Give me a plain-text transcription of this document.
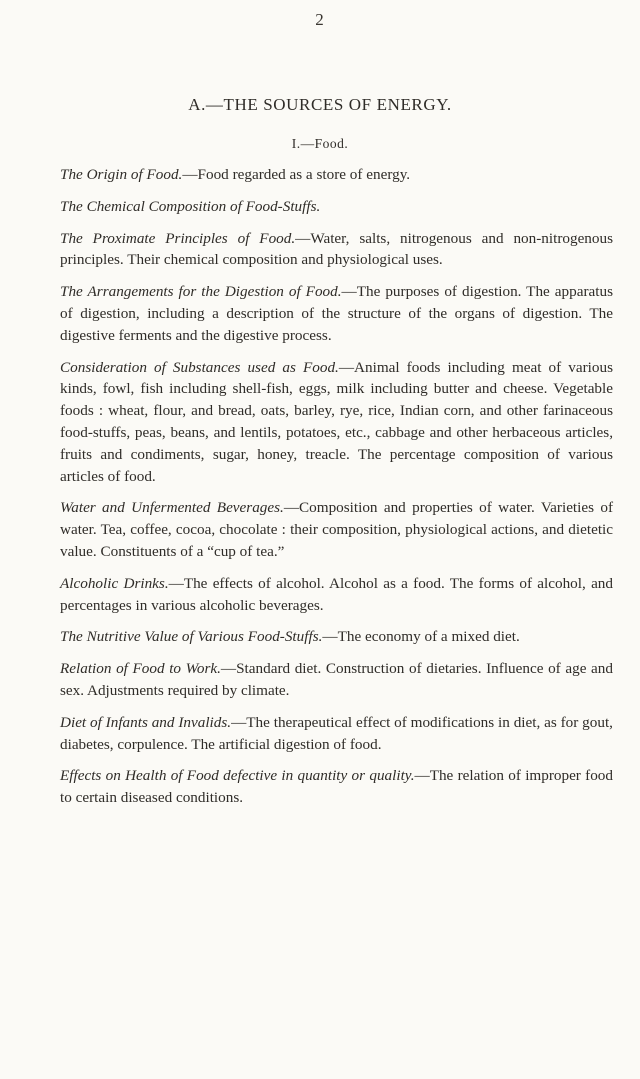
2
A.—THE SOURCES OF ENERGY.
I.—Food.

The Origin of Food.—Food regarded as a store of energy.

The Chemical Composition of Food-Stuffs.

The Proximate Principles of Food.—Water, salts, nitrogenous and non-nitrogenous principles. Their chemical composition and physiological uses.

The Arrangements for the Digestion of Food.—The purposes of digestion. The apparatus of digestion, including a description of the structure of the organs of digestion. The digestive ferments and the digestive process.

Consideration of Substances used as Food.—Animal foods including meat of various kinds, fowl, fish including shell-fish, eggs, milk including butter and cheese. Vegetable foods : wheat, flour, and bread, oats, barley, rye, rice, Indian corn, and other farinaceous food-stuffs, peas, beans, and lentils, potatoes, etc., cabbage and other herbaceous articles, fruits and condiments, sugar, honey, treacle. The percentage composition of various articles of food.

Water and Unfermented Beverages.—Composition and properties of water. Varieties of water. Tea, coffee, cocoa, chocolate : their composition, physiological actions, and dietetic value. Constituents of a “cup of tea.”

Alcoholic Drinks.—The effects of alcohol. Alcohol as a food. The forms of alcohol, and percentages in various alcoholic beverages.

The Nutritive Value of Various Food-Stuffs.—The economy of a mixed diet.

Relation of Food to Work.—Standard diet. Construction of dietaries. Influence of age and sex. Adjustments required by climate.

Diet of Infants and Invalids.—The therapeutical effect of modifications in diet, as for gout, diabetes, corpulence. The artificial digestion of food.

Effects on Health of Food defective in quantity or quality.—The relation of improper food to certain diseased conditions.
